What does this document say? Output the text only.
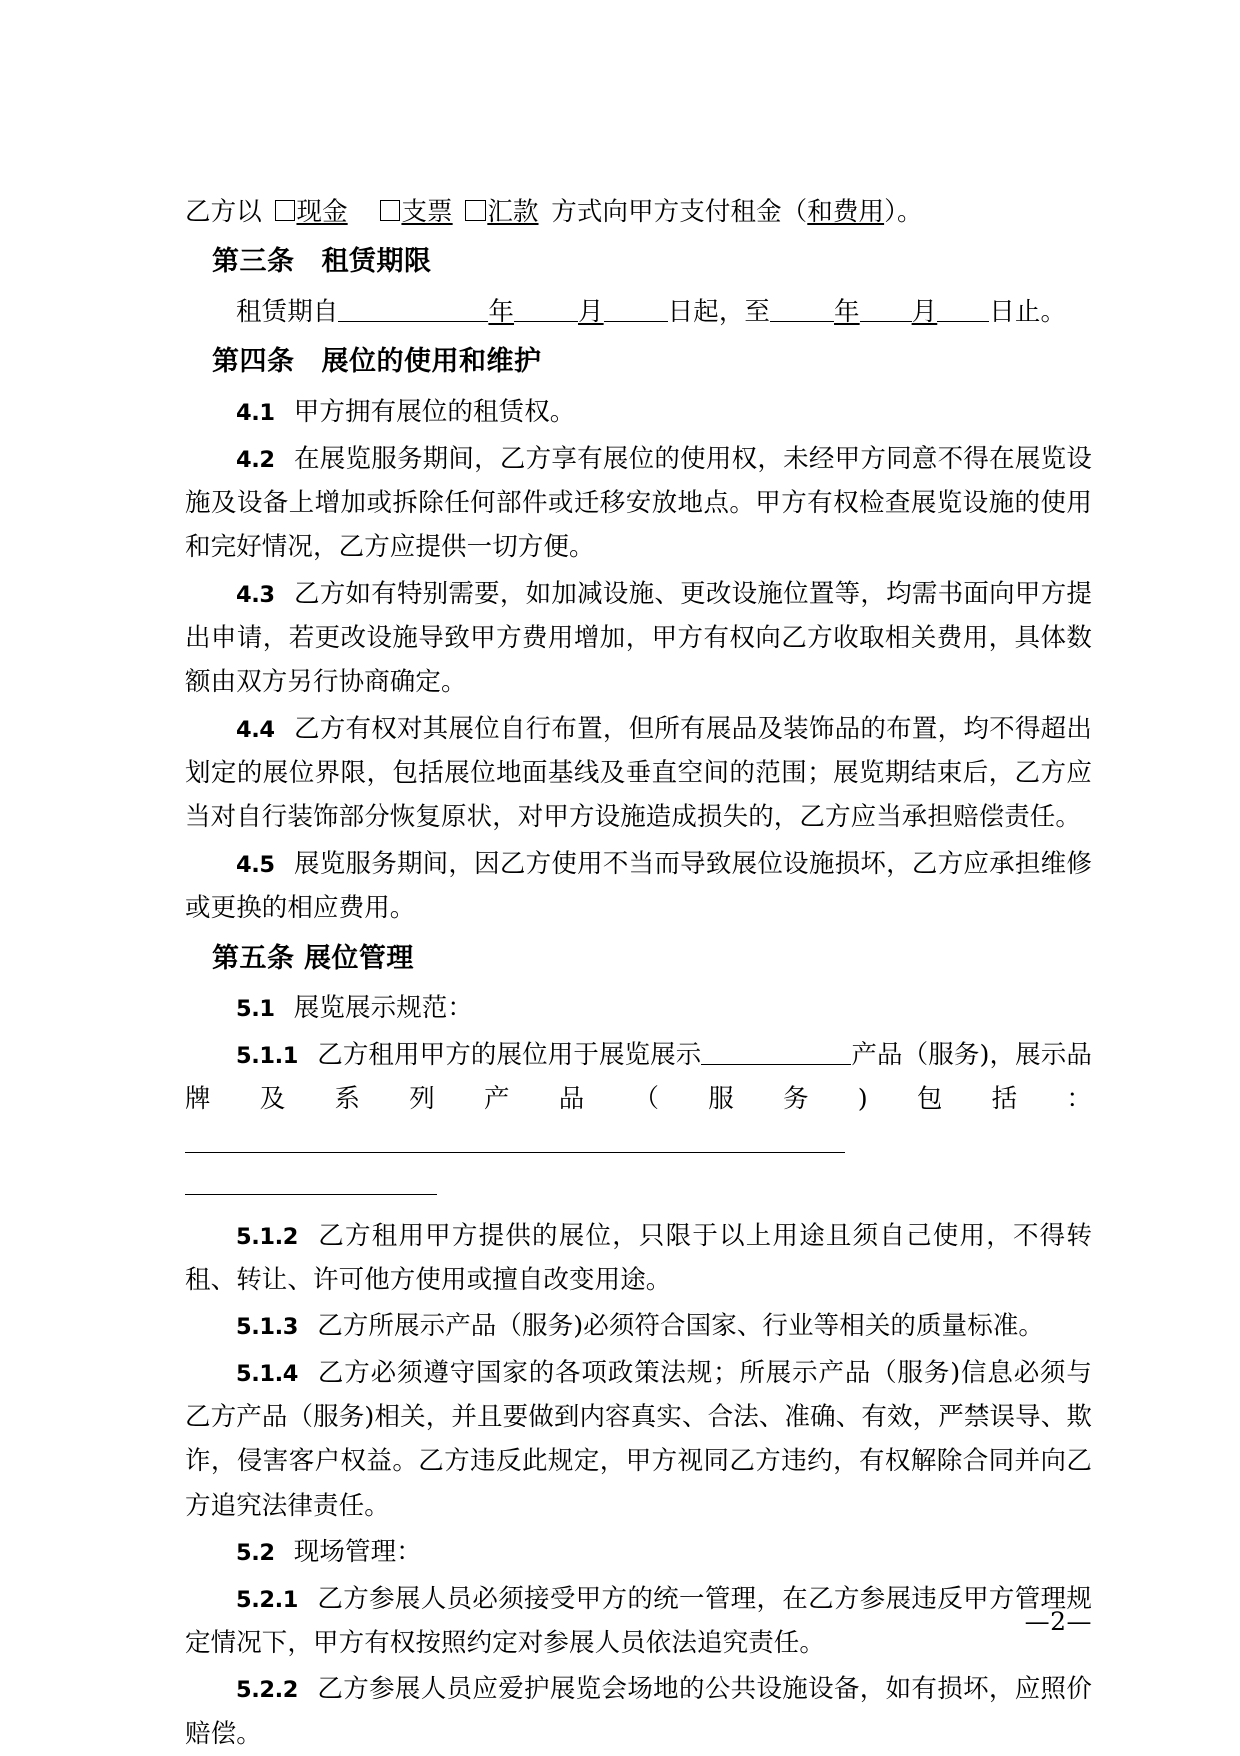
乙方以 现金 支票 汇款 方式向甲方支付租金（和费用）。

第三条 租赁期限

租赁期自	年	月	日起，至	年 月 日止。

第四条 展位的使用和维护

4.1 甲方拥有展位的租赁权。

4.2 在展览服务期间，乙方享有展位的使用权，未经甲方同意不得在展览设施及设备上增加或拆除任何部件或迁移安放地点。甲方有权检查展览设施的使用和完好情况，乙方应提供一切方便。

4.3 乙方如有特别需要，如加减设施、更改设施位置等，均需书面向甲方提出申请，若更改设施导致甲方费用增加，甲方有权向乙方收取相关费用，具体数额由双方另行协商确定。

4.4 乙方有权对其展位自行布置，但所有展品及装饰品的布置，均不得超出划定的展位界限，包括展位地面基线及垂直空间的范围；展览期结束后，乙方应当对自行装饰部分恢复原状，对甲方设施造成损失的，乙方应当承担赔偿责任。

4.5 展览服务期间，因乙方使用不当而导致展位设施损坏，乙方应承担维修或更换的相应费用。

第五条 展位管理

5.1 展览展示规范：

5.1.1 乙方租用甲方的展位用于展览展示	产品（服务)，展示品牌及系列产品（服务)包括：

5.1.2 乙方租用甲方提供的展位，只限于以上用途且须自己使用，不得转租、转让、许可他方使用或擅自改变用途。

5.1.3 乙方所展示产品（服务)必须符合国家、行业等相关的质量标准。

5.1.4 乙方必须遵守国家的各项政策法规；所展示产品（服务)信息必须与乙方产品（服务)相关，并且要做到内容真实、合法、准确、有效，严禁误导、欺诈，侵害客户权益。乙方违反此规定，甲方视同乙方违约，有权解除合同并向乙方追究法律责任。

5.2 现场管理：

5.2.1 乙方参展人员必须接受甲方的统一管理，在乙方参展违反甲方管理规定情况下，甲方有权按照约定对参展人员依法追究责任。

5.2.2 乙方参展人员应爱护展览会场地的公共设施设备，如有损坏，应照价赔偿。

—2—
